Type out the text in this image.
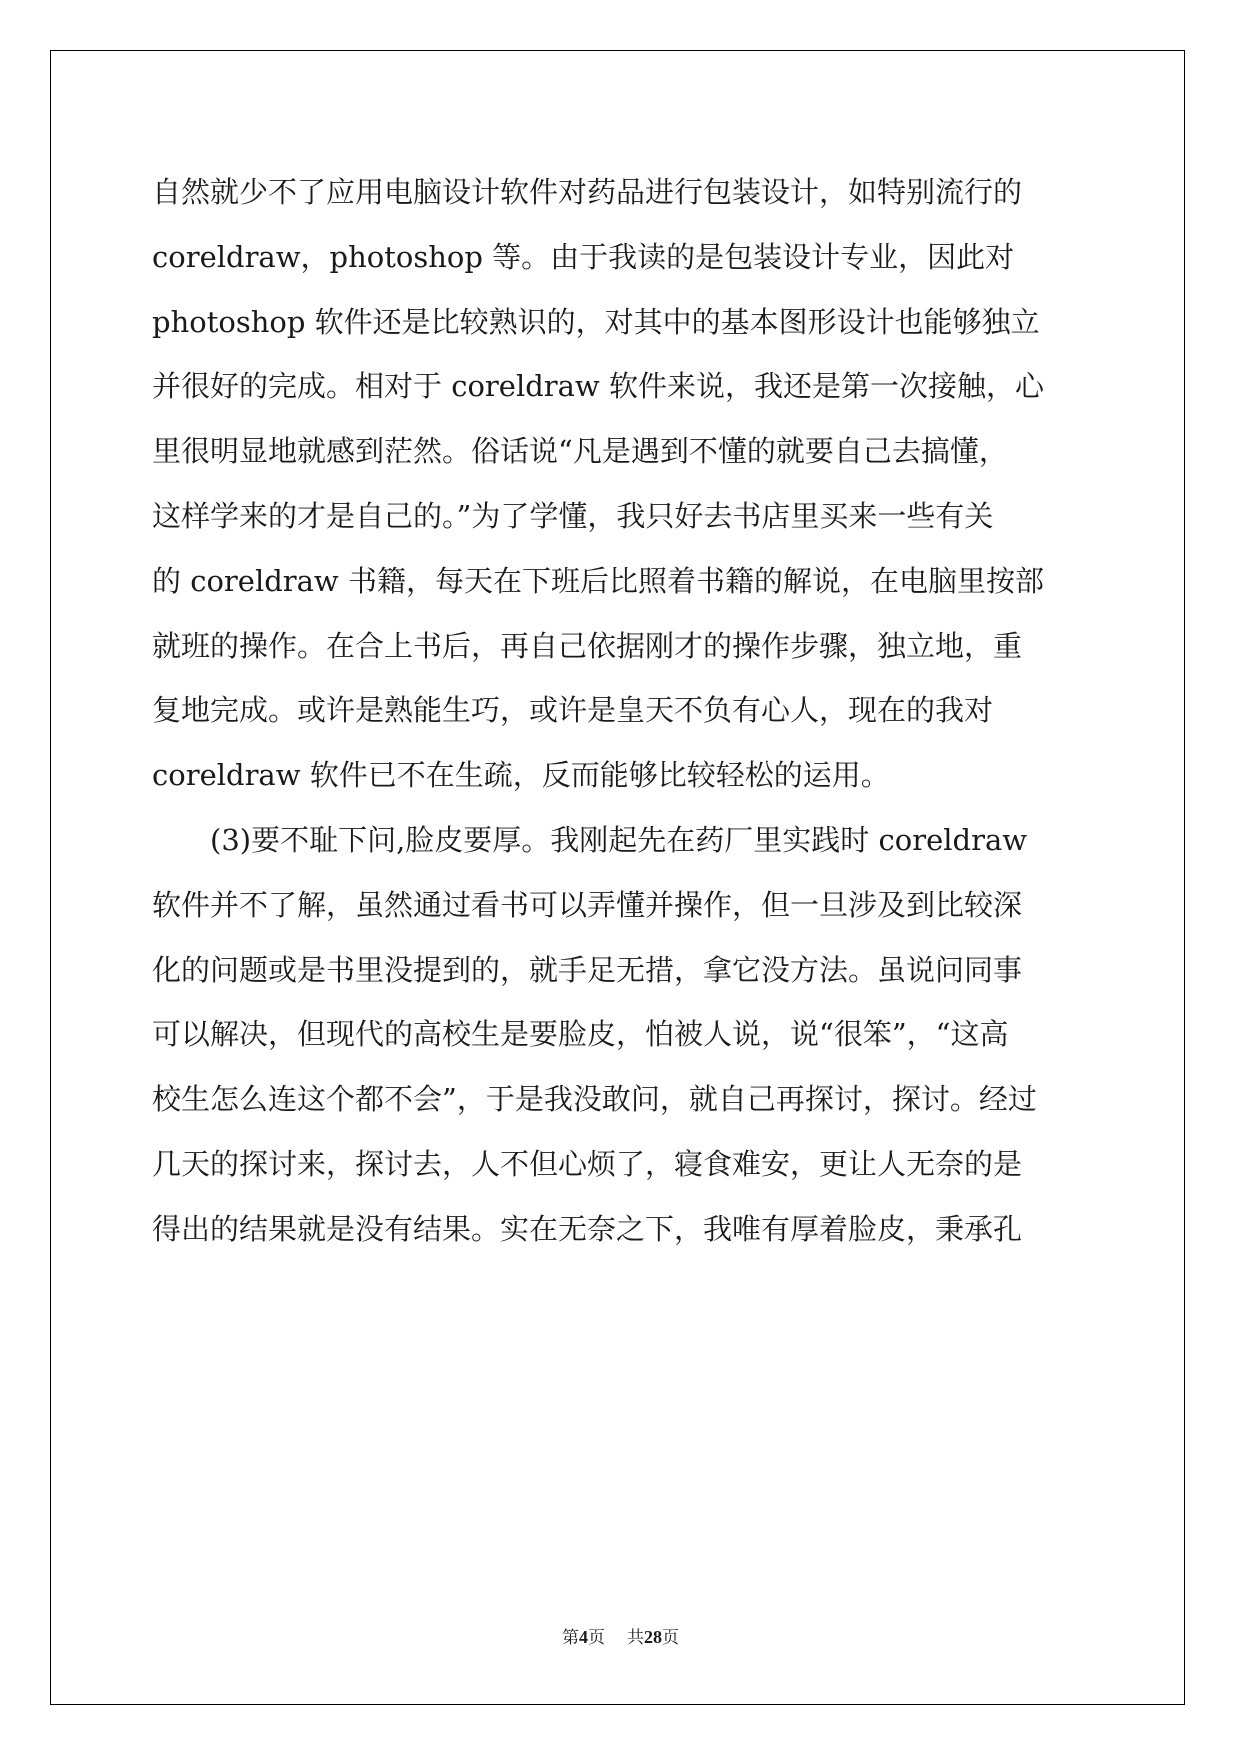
自然就少不了应用电脑设计软件对药品进行包装设计，如特别流行的
coreldraw，photoshop 等。由于我读的是包装设计专业，因此对
photoshop 软件还是比较熟识的，对其中的基本图形设计也能够独立
并很好的完成。相对于 coreldraw 软件来说，我还是第一次接触，心
里很明显地就感到茫然。俗话说“凡是遇到不懂的就要自己去搞懂，
这样学来的才是自己的。”为了学懂，我只好去书店里买来一些有关
的 coreldraw 书籍，每天在下班后比照着书籍的解说，在电脑里按部
就班的操作。在合上书后，再自己依据刚才的操作步骤，独立地，重
复地完成。或许是熟能生巧，或许是皇天不负有心人，现在的我对
coreldraw 软件已不在生疏，反而能够比较轻松的运用。
(3)要不耻下问,脸皮要厚。我刚起先在药厂里实践时 coreldraw
软件并不了解，虽然通过看书可以弄懂并操作，但一旦涉及到比较深
化的问题或是书里没提到的，就手足无措，拿它没方法。虽说问同事
可以解决，但现代的高校生是要脸皮，怕被人说，说“很笨”，“这高
校生怎么连这个都不会”，于是我没敢问，就自己再探讨，探讨。经过
几天的探讨来，探讨去，人不但心烦了，寝食难安，更让人无奈的是
得出的结果就是没有结果。实在无奈之下，我唯有厚着脸皮，秉承孔
第4页 共28页
